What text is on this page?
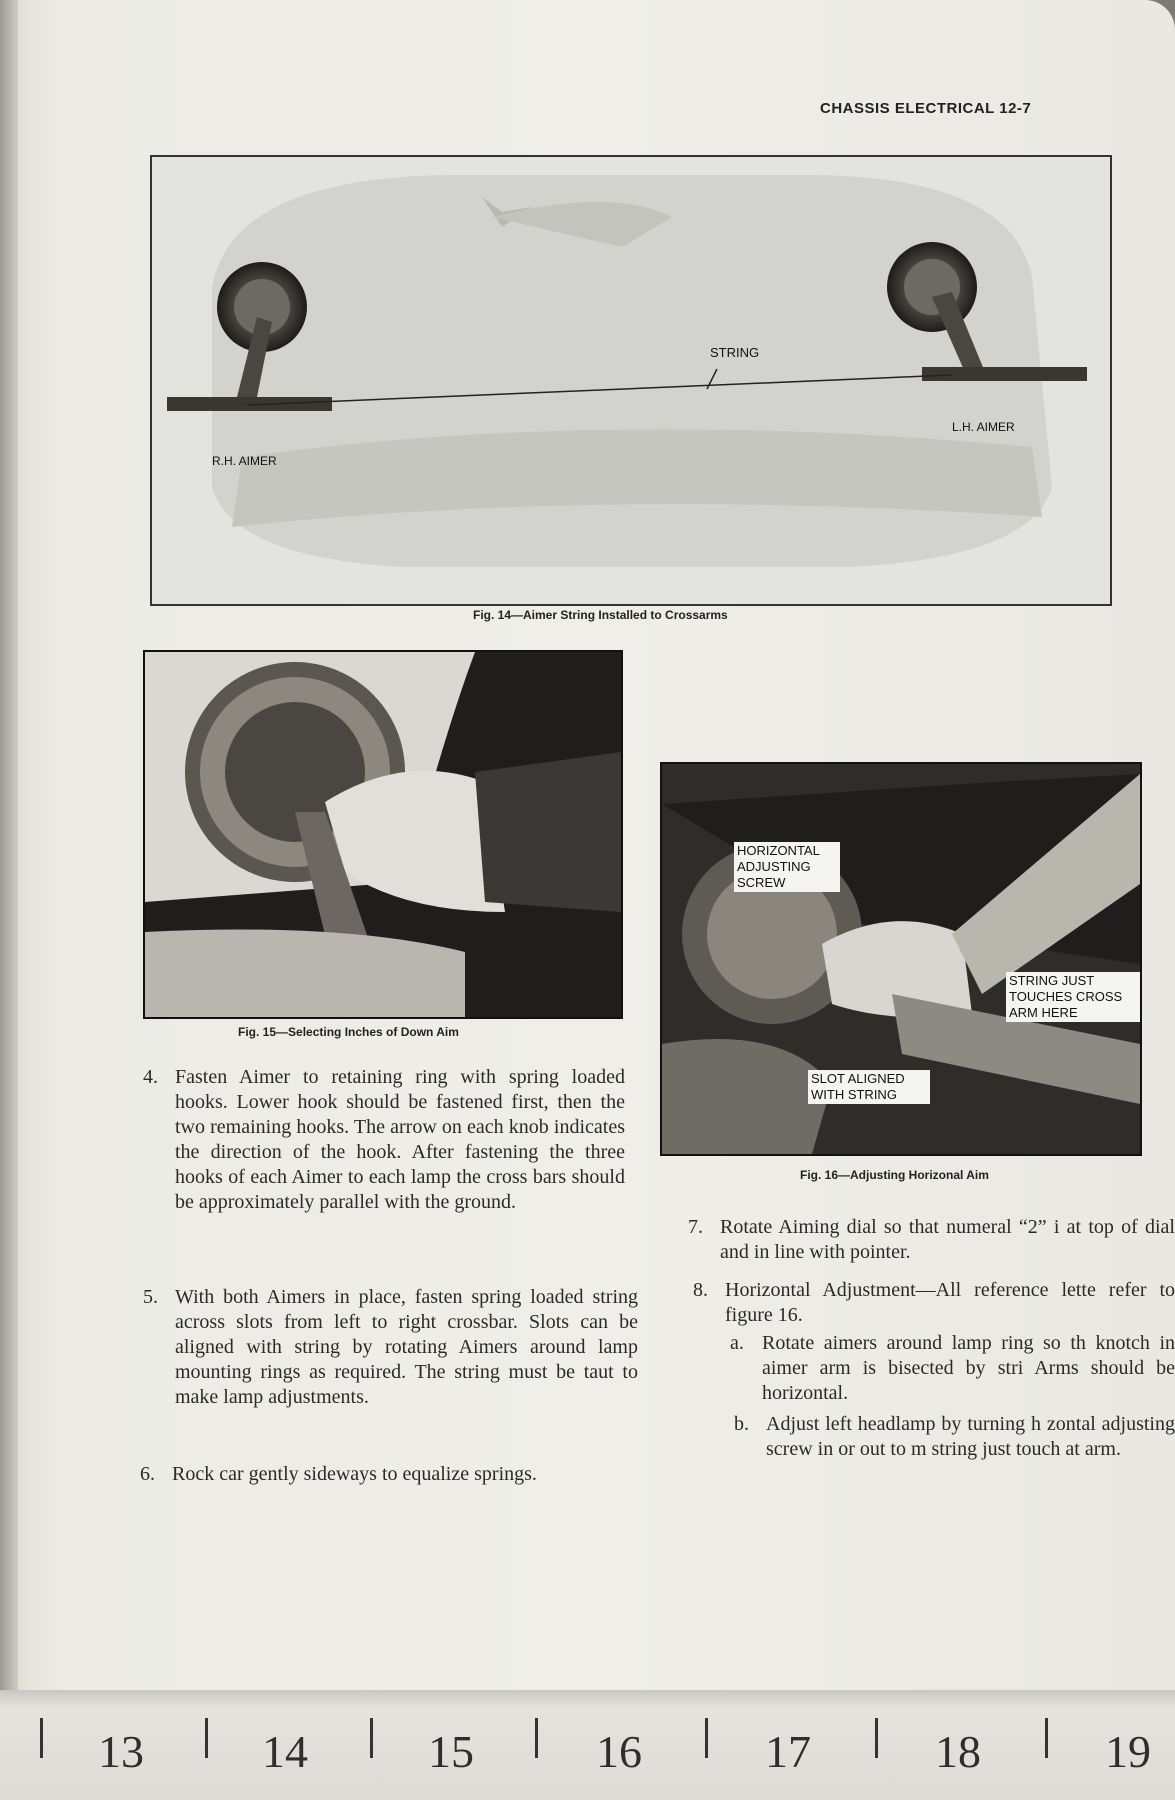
CHASSIS ELECTRICAL 12-7
STRING
R.H. AIMER
L.H. AIMER
Fig. 14—Aimer String Installed to Crossarms
Fig. 15—Selecting Inches of Down Aim
HORIZONTAL ADJUSTING SCREW
STRING JUST TOUCHES CROSS ARM HERE
SLOT ALIGNED WITH STRING
Fig. 16—Adjusting Horizonal Aim
4. Fasten Aimer to retaining ring with spring loaded hooks. Lower hook should be fastened first, then the two remaining hooks. The arrow on each knob indicates the direction of the hook. After fastening the three hooks of each Aimer to each lamp the cross bars should be approximately parallel with the ground.
5. With both Aimers in place, fasten spring loaded string across slots from left to right crossbar. Slots can be aligned with string by rotating Aimers around lamp mounting rings as required. The string must be taut to make lamp adjustments.
6. Rock car gently sideways to equalize springs.
7. Rotate Aiming dial so that numeral “2” i at top of dial and in line with pointer.
8. Horizontal Adjustment—All reference lette refer to figure 16.
a. Rotate aimers around lamp ring so th knotch in aimer arm is bisected by stri Arms should be horizontal.
b. Adjust left headlamp by turning h zontal adjusting screw in or out to m string just touch at arm.
13	14	15	16	17	18	19
